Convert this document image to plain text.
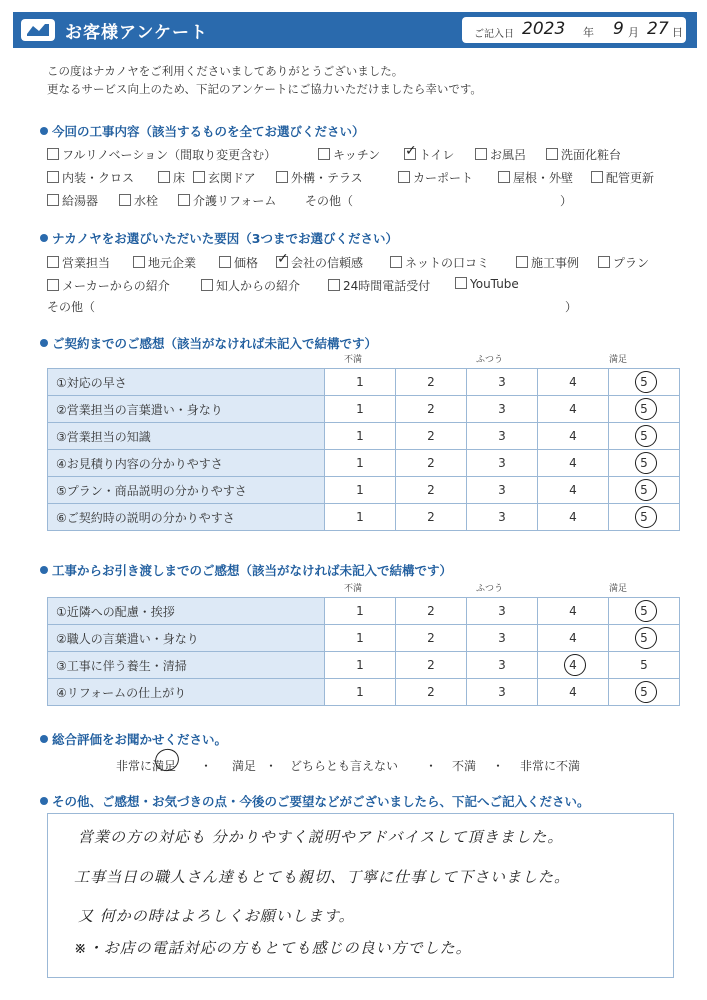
お客様アンケート	ご記入日 2023 年 9 月 27 日
この度はナカノヤをご利用くださいましてありがとうございました。
更なるサービス向上のため、下記のアンケートにご協力いただけましたら幸いです。
今回の工事内容（該当するものを全てお選びください）
フルリノベーション（間取り変更含む）	キッチン ✓	トイレ	お風呂	洗面化粧台
内装・クロス	床	玄関ドア	外構・テラス	カーポート	屋根・外壁	配管更新
給湯器	水栓	介護リフォーム その他（	）
ナカノヤをお選びいただいた要因（3つまでお選びください）
営業担当	地元企業	価格 ✓	会社の信頼感	ネットの口コミ	施工事例	プラン
メーカーからの紹介	知人からの紹介	24時間電話受付	YouTube
その他（	）
ご契約までのご感想（該当がなければ未記入で結構です）
不満	ふつう	満足
①対応の早さ	1	2	3	4	5

②営業担当の言葉遣い・身なり	1	2	3	4	5

③営業担当の知識	1	2	3	4	5

④お見積り内容の分かりやすさ	1	2	3	4	5

⑤プラン・商品説明の分かりやすさ	1	2	3	4	5

⑥ご契約時の説明の分かりやすさ	1	2	3	4	5
工事からお引き渡しまでのご感想（該当がなければ未記入で結構です）
不満	ふつう	満足
①近隣への配慮・挨拶	1	2	3	4	5

②職人の言葉遣い・身なり	1	2	3	4	5

③工事に伴う養生・清掃	1	2	3	4	5
④リフォームの仕上がり	1	2	3	4	5
総合評価をお聞かせください。
非常に満足 ・ 満足 ・ どちらとも言えない ・ 不満 ・ 非常に不満
その他、ご感想・お気づきの点・今後のご要望などがございましたら、下記へご記入ください。
営業の方の対応も 分かりやすく説明やアドバイスして頂きました。
工事当日の職人さん達もとても親切、丁寧に仕事して下さいました。
又 何かの時はよろしくお願いします。
※・お店の電話対応の方もとても感じの良い方でした。
